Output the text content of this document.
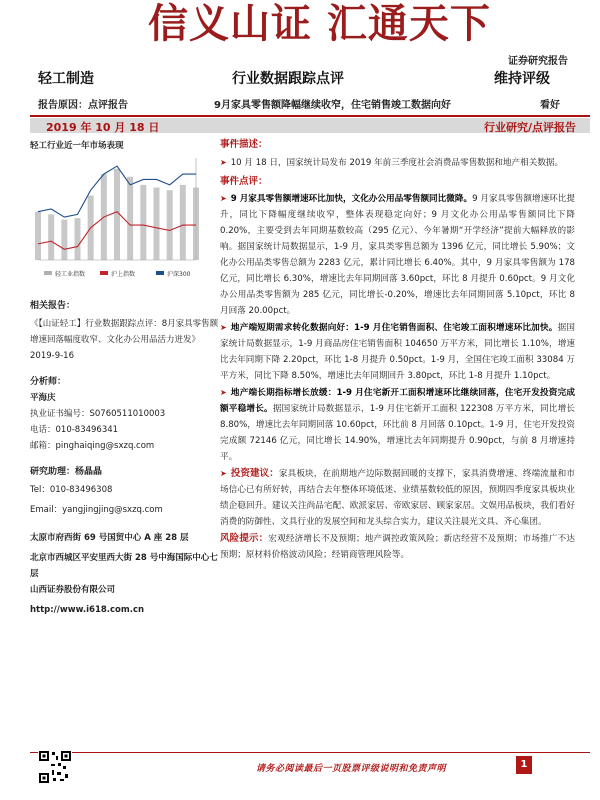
信义山证 汇通天下
证券研究报告
轻工制造	行业数据跟踪点评	维持评级
报告原因：点评报告	9月家具零售额降幅继续收窄，住宅销售竣工数据向好	看好
2019 年 10 月 18 日	行业研究/点评报告
轻工行业近一年市场表现
轻工业指数	沪上指数	沪深300
相关报告：
《【山证轻工】行业数据跟踪点评：8月家具零售额增速回落幅度收窄、文化办公用品活力迸发》2019-9-16
分析师：
平海庆
执业证书编号：S0760511010003
电话：010-83496341
邮箱：pinghaiqing@sxzq.com
研究助理：杨晶晶
Tel：010-83496308
Email：yangjingjing@sxzq.com
太原市府西街 69 号国贸中心 A 座 28 层
北京市西城区平安里西大街 28 号中海国际中心七层
山西证券股份有限公司
http://www.i618.com.cn
事件描述：
➤ 10 月 18 日，国家统计局发布 2019 年前三季度社会消费品零售数据和地产相关数据。
事件点评：
➤ 9 月家具零售额增速环比加快，文化办公用品零售额同比微降。9 月家具零售额增速环比提升，同比下降幅度继续收窄，整体表现稳定向好；9 月文化办公用品零售额同比下降 0.20%，主要受到去年同期基数较高（295 亿元）、今年暑期“开学经济”提前大幅释放的影响。据国家统计局数据显示，1-9 月，家具类零售总额为 1396 亿元，同比增长 5.90%；文化办公用品类零售总额为 2283 亿元，累计同比增长 6.40%。其中，9 月家具零售额为 178 亿元，同比增长 6.30%，增速比去年同期回落 3.60pct，环比 8 月提升 0.60pct。9 月文化办公用品类零售额为 285 亿元，同比增长-0.20%，增速比去年同期回落 5.10pct，环比 8 月回落 20.00pct。
➤ 地产端短期需求转化数据向好：1-9 月住宅销售面积、住宅竣工面积增速环比加快。据国家统计局数据显示，1-9 月商品房住宅销售面积 104650 万平方米，同比增长 1.10%，增速比去年同期下降 2.20pct，环比 1-8 月提升 0.50pct。1-9 月，全国住宅竣工面积 33084 万平方米，同比下降 8.50%，增速比去年同期回升 3.80pct，环比 1-8 月提升 1.10pct。
➤ 地产端长期指标增长放缓：1-9 月住宅新开工面积增速环比继续回落，住宅开发投资完成额平稳增长。据国家统计局数据显示，1-9 月住宅新开工面积 122308 万平方米，同比增长 8.80%，增速比去年同期回落 10.60pct，环比前 8 月回落 0.10pct。1-9 月，住宅开发投资完成额 72146 亿元，同比增长 14.90%，增速比去年同期提升 0.90pct，与前 8 月增速持平。
➤ 投资建议：家具板块，在前期地产边际数据回暖的支撑下，家具消费增速、终端流量和市场信心已有所好转，再结合去年整体环境低迷、业绩基数较低的原因，预期四季度家具板块业绩企稳回升。建议关注尚品宅配、欧派家居、帝欧家居、顾家家居。文娱用品板块，我们看好消费的防御性、文具行业的发展空间和龙头综合实力，建议关注晨光文具、齐心集团。
风险提示：宏观经济增长不及预期；地产调控政策风险；新店经营不及预期；市场推广不达预期；原材料价格波动风险；经销商管理风险等。
请务必阅读最后一页股票评级说明和免责声明	1
